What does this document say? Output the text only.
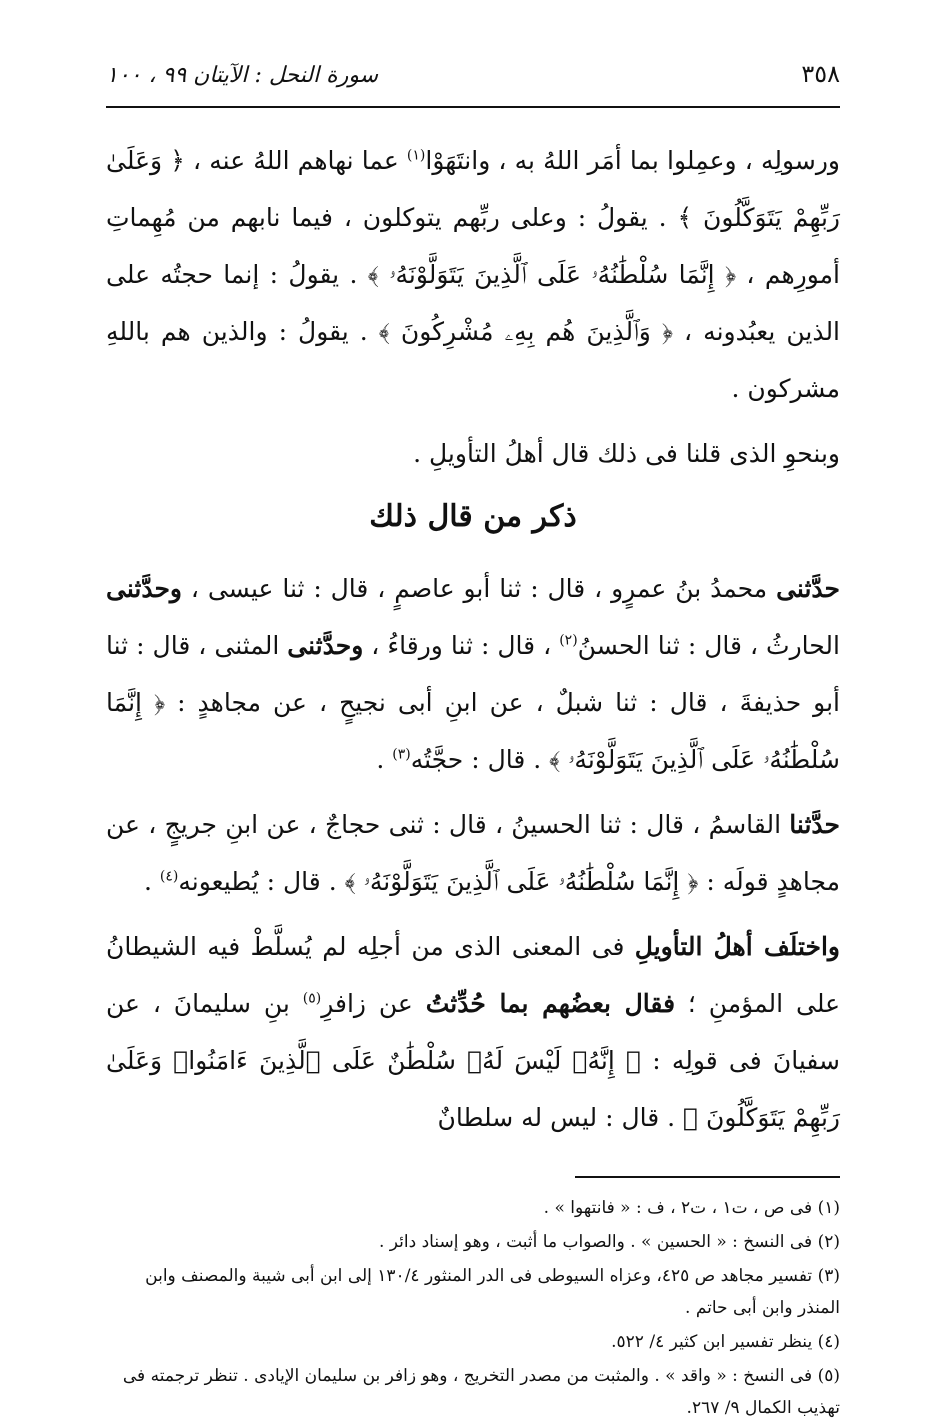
٣٥٨
سورة النحل : الآيتان ٩٩ ، ١٠٠

ورسولِه ، وعمِلوا بما أمَر اللهُ به ، وانتَهَوْا$^{(١)}$ عما نهاهم اللهُ عنه ، ﴿ وَعَلَىٰ رَبِّهِمْ يَتَوَكَّلُونَ ﴾ . يقولُ : وعلى ربِّهم يتوكلون ، فيما نابهم من مُهِماتِ أمورِهم ، ﴿ إِنَّمَا سُلْطَٰنُهُۥ عَلَى ٱلَّذِينَ يَتَوَلَّوْنَهُۥ ﴾ . يقولُ : إنما حجتُه على الذين يعبُدونه ، ﴿ وَٱلَّذِينَ هُم بِهِۦ مُشْرِكُونَ ﴾ . يقولُ : والذين هم باللهِ مشركون .

وبنحوِ الذى قلنا فى ذلك قال أهلُ التأويلِ .

ذكر من قال ذلك

حدَّثنى محمدُ بنُ عمرٍو ، قال : ثنا أبو عاصمٍ ، قال : ثنا عيسى ، وحدَّثنى الحارثُ ، قال : ثنا الحسنُ$^{(٢)}$ ، قال : ثنا ورقاءُ ، وحدَّثنى المثنى ، قال : ثنا أبو حذيفةَ ، قال : ثنا شبلٌ ، عن ابنِ أبى نجيحٍ ، عن مجاهدٍ : ﴿ إِنَّمَا سُلْطَٰنُهُۥ عَلَى ٱلَّذِينَ يَتَوَلَّوْنَهُۥ ﴾ . قال : حجَّتُه$^{(٣)}$ .

حدَّثنا القاسمُ ، قال : ثنا الحسينُ ، قال : ثنى حجاجٌ ، عن ابنِ جريجٍ ، عن مجاهدٍ قولَه : ﴿ إِنَّمَا سُلْطَٰنُهُۥ عَلَى ٱلَّذِينَ يَتَوَلَّوْنَهُۥ ﴾ . قال : يُطيعونه$^{(٤)}$ .

واختلَف أهلُ التأويلِ فى المعنى الذى من أجلِه لم يُسلَّطْ فيه الشيطانُ على المؤمنِ ؛ فقال بعضُهم بما حُدِّثتُ عن زافرِ$^{(٥)}$ بنِ سليمانَ ، عن سفيانَ فى قولِه : ﴿ إِنَّهُۥ لَيْسَ لَهُۥ سُلْطَٰنٌ عَلَى ٱلَّذِينَ ءَامَنُوا۟ وَعَلَىٰ رَبِّهِمْ يَتَوَكَّلُونَ ﴾ . قال : ليس له سلطانٌ

(١) فى ص ، ت١ ، ت٢ ، ف : « فانتهوا » .

(٢) فى النسخ : « الحسين » . والصواب ما أثبت ، وهو إسناد دائر .

(٣) تفسير مجاهد ص ٤٢٥، وعزاه السيوطى فى الدر المنثور ١٣٠/٤ إلى ابن أبى شيبة والمصنف وابن المنذر وابن أبى حاتم .

(٤) ينظر تفسير ابن كثير ٤/ ٥٢٢.

(٥) فى النسخ : « واقد » . والمثبت من مصدر التخريج ، وهو زافر بن سليمان الإيادى . تنظر ترجمته فى تهذيب الكمال ٩/ ٢٦٧.
